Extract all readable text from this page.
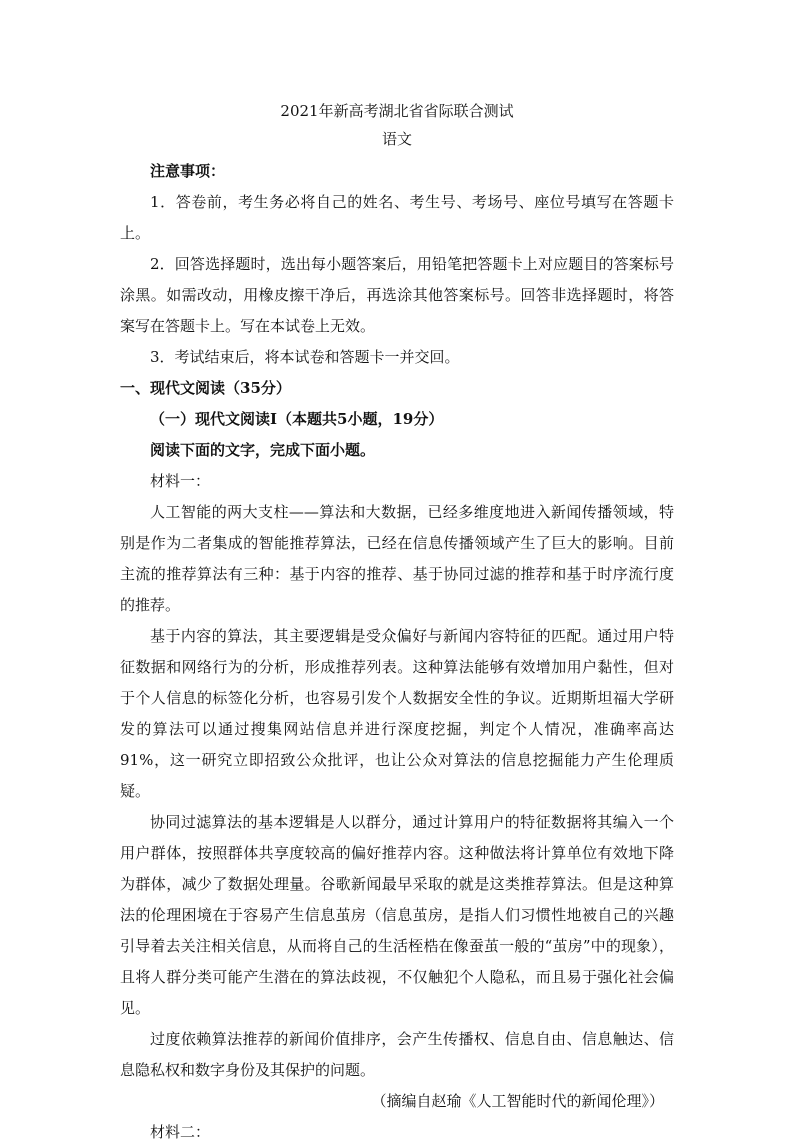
2021年新高考湖北省省际联合测试
语文

注意事项：

1．答卷前，考生务必将自己的姓名、考生号、考场号、座位号填写在答题卡上。

2．回答选择题时，选出每小题答案后，用铅笔把答题卡上对应题目的答案标号涂黑。如需改动，用橡皮擦干净后，再选涂其他答案标号。回答非选择题时，将答案写在答题卡上。写在本试卷上无效。

3．考试结束后，将本试卷和答题卡一并交回。

一、现代文阅读（35分）

（一）现代文阅读Ⅰ（本题共5小题，19分）

阅读下面的文字，完成下面小题。

材料一：

人工智能的两大支柱——算法和大数据，已经多维度地进入新闻传播领域，特别是作为二者集成的智能推荐算法，已经在信息传播领域产生了巨大的影响。目前主流的推荐算法有三种：基于内容的推荐、基于协同过滤的推荐和基于时序流行度的推荐。

基于内容的算法，其主要逻辑是受众偏好与新闻内容特征的匹配。通过用户特征数据和网络行为的分析，形成推荐列表。这种算法能够有效增加用户黏性，但对于个人信息的标签化分析，也容易引发个人数据安全性的争议。近期斯坦福大学研发的算法可以通过搜集网站信息并进行深度挖掘，判定个人情况，准确率高达91%，这一研究立即招致公众批评，也让公众对算法的信息挖掘能力产生伦理质疑。

协同过滤算法的基本逻辑是人以群分，通过计算用户的特征数据将其编入一个用户群体，按照群体共享度较高的偏好推荐内容。这种做法将计算单位有效地下降为群体，减少了数据处理量。谷歌新闻最早采取的就是这类推荐算法。但是这种算法的伦理困境在于容易产生信息茧房（信息茧房，是指人们习惯性地被自己的兴趣引导着去关注相关信息，从而将自己的生活桎梏在像蚕茧一般的“茧房”中的现象），且将人群分类可能产生潜在的算法歧视，不仅触犯个人隐私，而且易于强化社会偏见。

过度依赖算法推荐的新闻价值排序，会产生传播权、信息自由、信息触达、信息隐私权和数字身份及其保护的问题。

（摘编自赵瑜《人工智能时代的新闻伦理》）

材料二：
